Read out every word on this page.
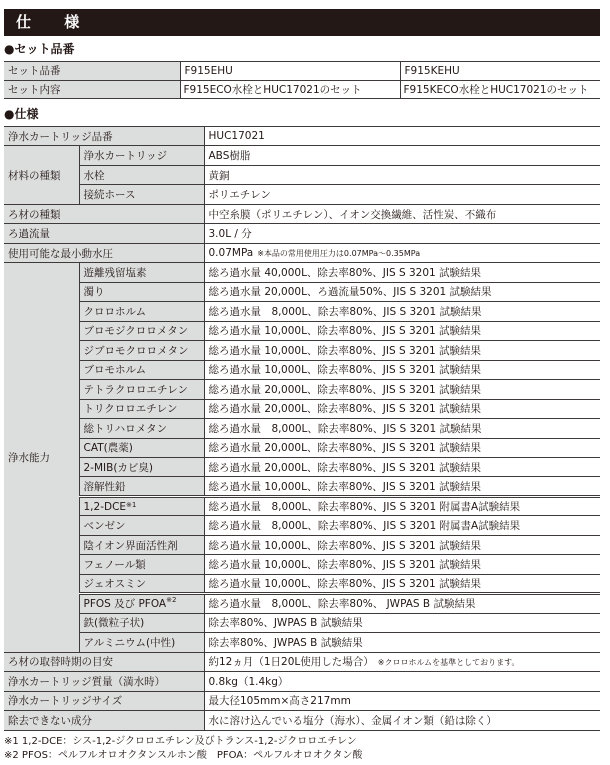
仕 様
●セット品番
セット品番	F915EHU	F915KEHU
セット内容	F915ECO水栓とHUC17021のセット	F915KECO水栓とHUC17021のセット
●仕様
浄水カートリッジ品番		HUC17021
材料の種類	浄水カートリッジ	ABS樹脂
	水栓	黄銅
	接続ホース	ポリエチレン
ろ材の種類		中空糸膜（ポリエチレン）、イオン交換繊維、活性炭、不織布
ろ過流量		3.0L / 分
使用可能な最小動水圧		0.07MPa ※本品の常用使用圧力は0.07MPa～0.35MPa
浄水能力	遊離残留塩素	総ろ過水量 40,000L、除去率80%、JIS S 3201 試験結果
	濁り	総ろ過水量 20,000L、ろ過流量50%、JIS S 3201 試験結果
	クロロホルム	総ろ過水量　8,000L、除去率80%、JIS S 3201 試験結果
	ブロモジクロロメタン	総ろ過水量 10,000L、除去率80%、JIS S 3201 試験結果
	ジブロモクロロメタン	総ろ過水量 10,000L、除去率80%、JIS S 3201 試験結果
	ブロモホルム	総ろ過水量 10,000L、除去率80%、JIS S 3201 試験結果
	テトラクロロエチレン	総ろ過水量 20,000L、除去率80%、JIS S 3201 試験結果
	トリクロロエチレン	総ろ過水量 20,000L、除去率80%、JIS S 3201 試験結果
	総トリハロメタン	総ろ過水量　8,000L、除去率80%、JIS S 3201 試験結果
	CAT(農薬)	総ろ過水量 20,000L、除去率80%、JIS S 3201 試験結果
	2-MIB(カビ臭)	総ろ過水量 20,000L、除去率80%、JIS S 3201 試験結果
	溶解性鉛	総ろ過水量 10,000L、除去率80%、JIS S 3201 試験結果
	1,2-DCE$^{※1}$	総ろ過水量　8,000L、除去率80%、JIS S 3201 附属書A試験結果
	ベンゼン	総ろ過水量　8,000L、除去率80%、JIS S 3201 附属書A試験結果
	陰イオン界面活性剤	総ろ過水量 10,000L、除去率80%、JIS S 3201 試験結果
	フェノール類	総ろ過水量 10,000L、除去率80%、JIS S 3201 試験結果
	ジェオスミン	総ろ過水量 10,000L、除去率80%、JIS S 3201 試験結果
	PFOS 及び PFOA$^{※2}$	総ろ過水量　8,000L、除去率80%、 JWPAS B 試験結果
	鉄(微粒子状)	除去率80%、JWPAS B 試験結果
	アルミニウム(中性)	除去率80%、JWPAS B 試験結果
ろ材の取替時期の目安		約12ヵ月（1日20L使用した場合） ※クロロホルムを基準としております。
浄水カートリッジ質量（満水時）		0.8kg（1.4kg）
浄水カートリッジサイズ		最大径105mm×高さ217mm
除去できない成分		水に溶け込んでいる塩分（海水）、金属イオン類（鉛は除く）
※1 1,2-DCE：シス-1,2-ジクロロエチレン及びトランス-1,2-ジクロロエチレン
※2 PFOS：ペルフルオロオクタンスルホン酸　PFOA：ペルフルオロオクタン酸
